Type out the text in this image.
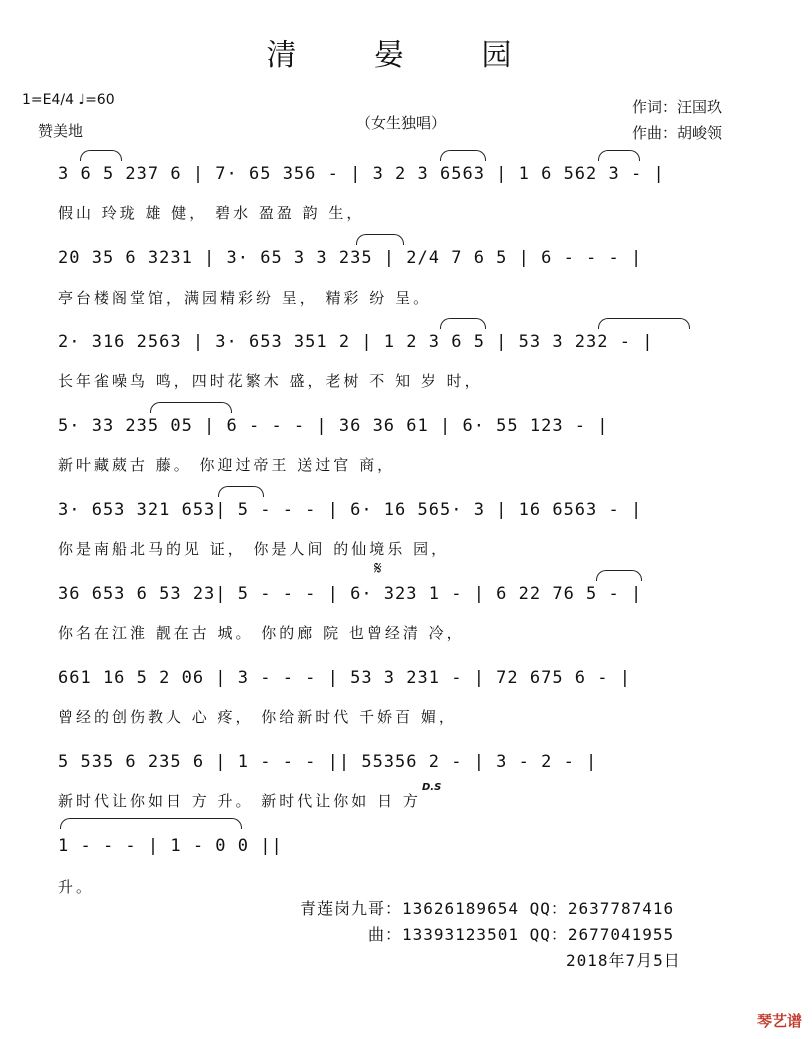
清 晏 园
1=E4/4 ♩=60
赞美地	（女生独唱）
作词：汪国玖
作曲：胡峻领
3 6 5 237 6 | 7· 65 356 - | 3 2 3 6563 | 1 6 562 3 - |
假山 玲珑 雄 健， 碧水 盈盈 韵 生，
20 35 6 3231 | 3· 65 3 3 235 | 2/4 7 6 5 | 6 - - - |
亭台楼阁堂馆，满园精彩纷 呈， 精彩 纷 呈。
2· 316 2563 | 3· 653 351 2 | 1 2 3 6 5 | 53 3 232 - |
长年雀噪鸟 鸣，四时花繁木 盛，老树 不 知 岁 时，
5· 33 235 05 | 6 - - - | 36 36 61 | 6· 55 123 - |
新叶藏葳古 藤。 你迎过帝王 送过官 商，
3· 653 321 653| 5 - - - | 6· 16 565· 3 | 16 6563 - |
你是南船北马的见 证， 你是人间 的仙境乐 园，
𝄋
36 653 6 53 23| 5 - - - | 6· 323 1 - | 6 22 76 5 - |
你名在江淮 靓在古 城。 你的廊 院 也曾经清 冷，
661 16 5 2 06 | 3 - - - | 53 3 231 - | 72 675 6 - |
曾经的创伤教人 心 疼， 你给新时代 千娇百 媚，
5 535 6 235 6 | 1 - - - || 55356 2 - | 3 - 2 - |
D.S
新时代让你如日 方 升。 新时代让你如 日 方
1 - - - | 1 - 0 0 ||
升。
青莲岗九哥：13626189654 QQ：2637787416
曲：13393123501 QQ：2677041955
2018年7月5日
琴艺谱
